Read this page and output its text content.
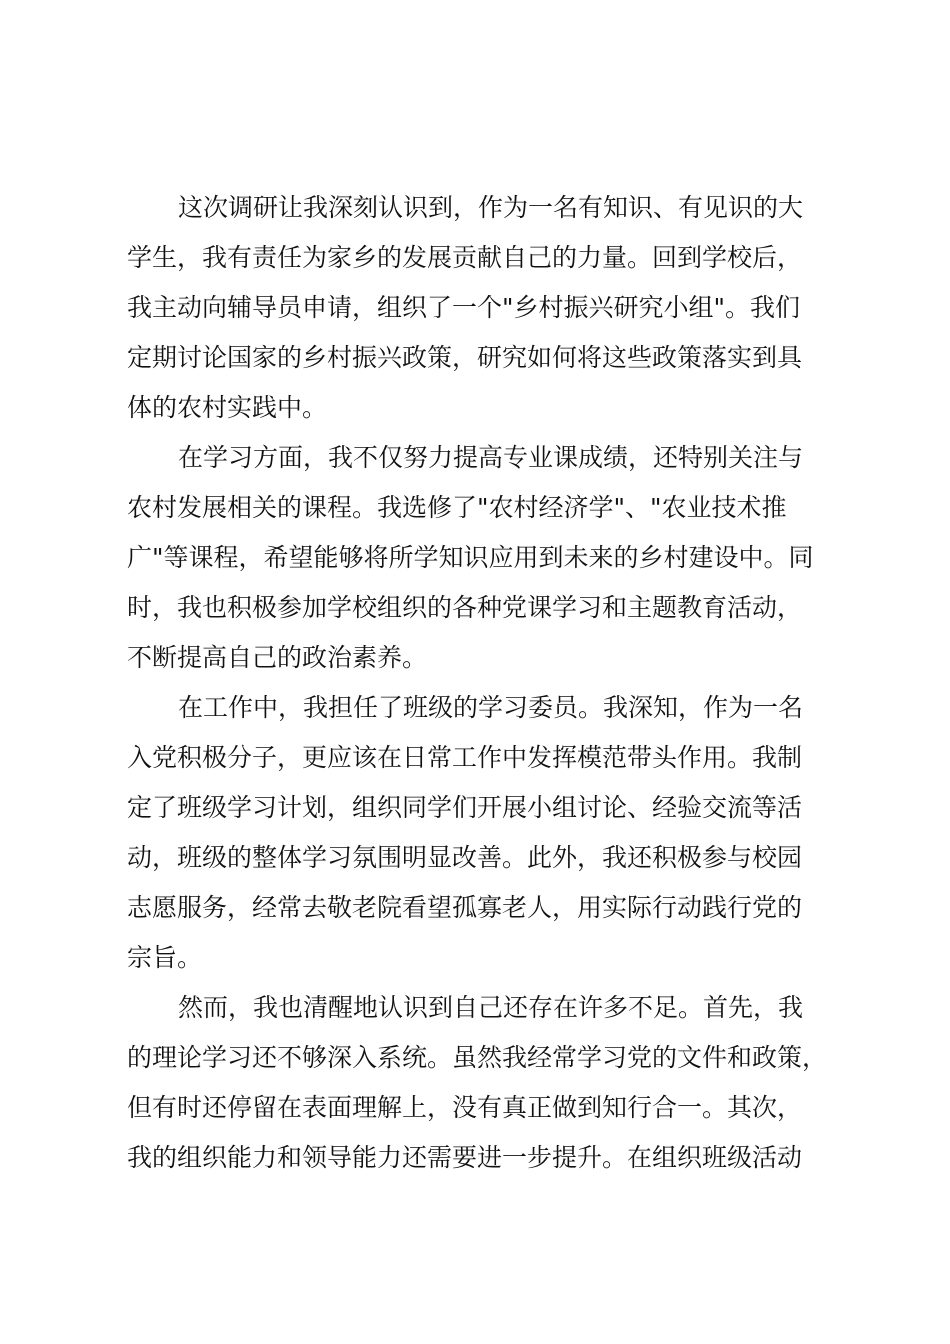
这次调研让我深刻认识到，作为一名有知识、有见识的大
学生，我有责任为家乡的发展贡献自己的力量。回到学校后，
我主动向辅导员申请，组织了一个"乡村振兴研究小组"。我们
定期讨论国家的乡村振兴政策，研究如何将这些政策落实到具
体的农村实践中。

在学习方面，我不仅努力提高专业课成绩，还特别关注与
农村发展相关的课程。我选修了"农村经济学"、"农业技术推
广"等课程，希望能够将所学知识应用到未来的乡村建设中。同
时，我也积极参加学校组织的各种党课学习和主题教育活动，
不断提高自己的政治素养。

在工作中，我担任了班级的学习委员。我深知，作为一名
入党积极分子，更应该在日常工作中发挥模范带头作用。我制
定了班级学习计划，组织同学们开展小组讨论、经验交流等活
动，班级的整体学习氛围明显改善。此外，我还积极参与校园
志愿服务，经常去敬老院看望孤寡老人，用实际行动践行党的
宗旨。

然而，我也清醒地认识到自己还存在许多不足。首先，我
的理论学习还不够深入系统。虽然我经常学习党的文件和政策，
但有时还停留在表面理解上，没有真正做到知行合一。其次，
我的组织能力和领导能力还需要进一步提升。在组织班级活动
